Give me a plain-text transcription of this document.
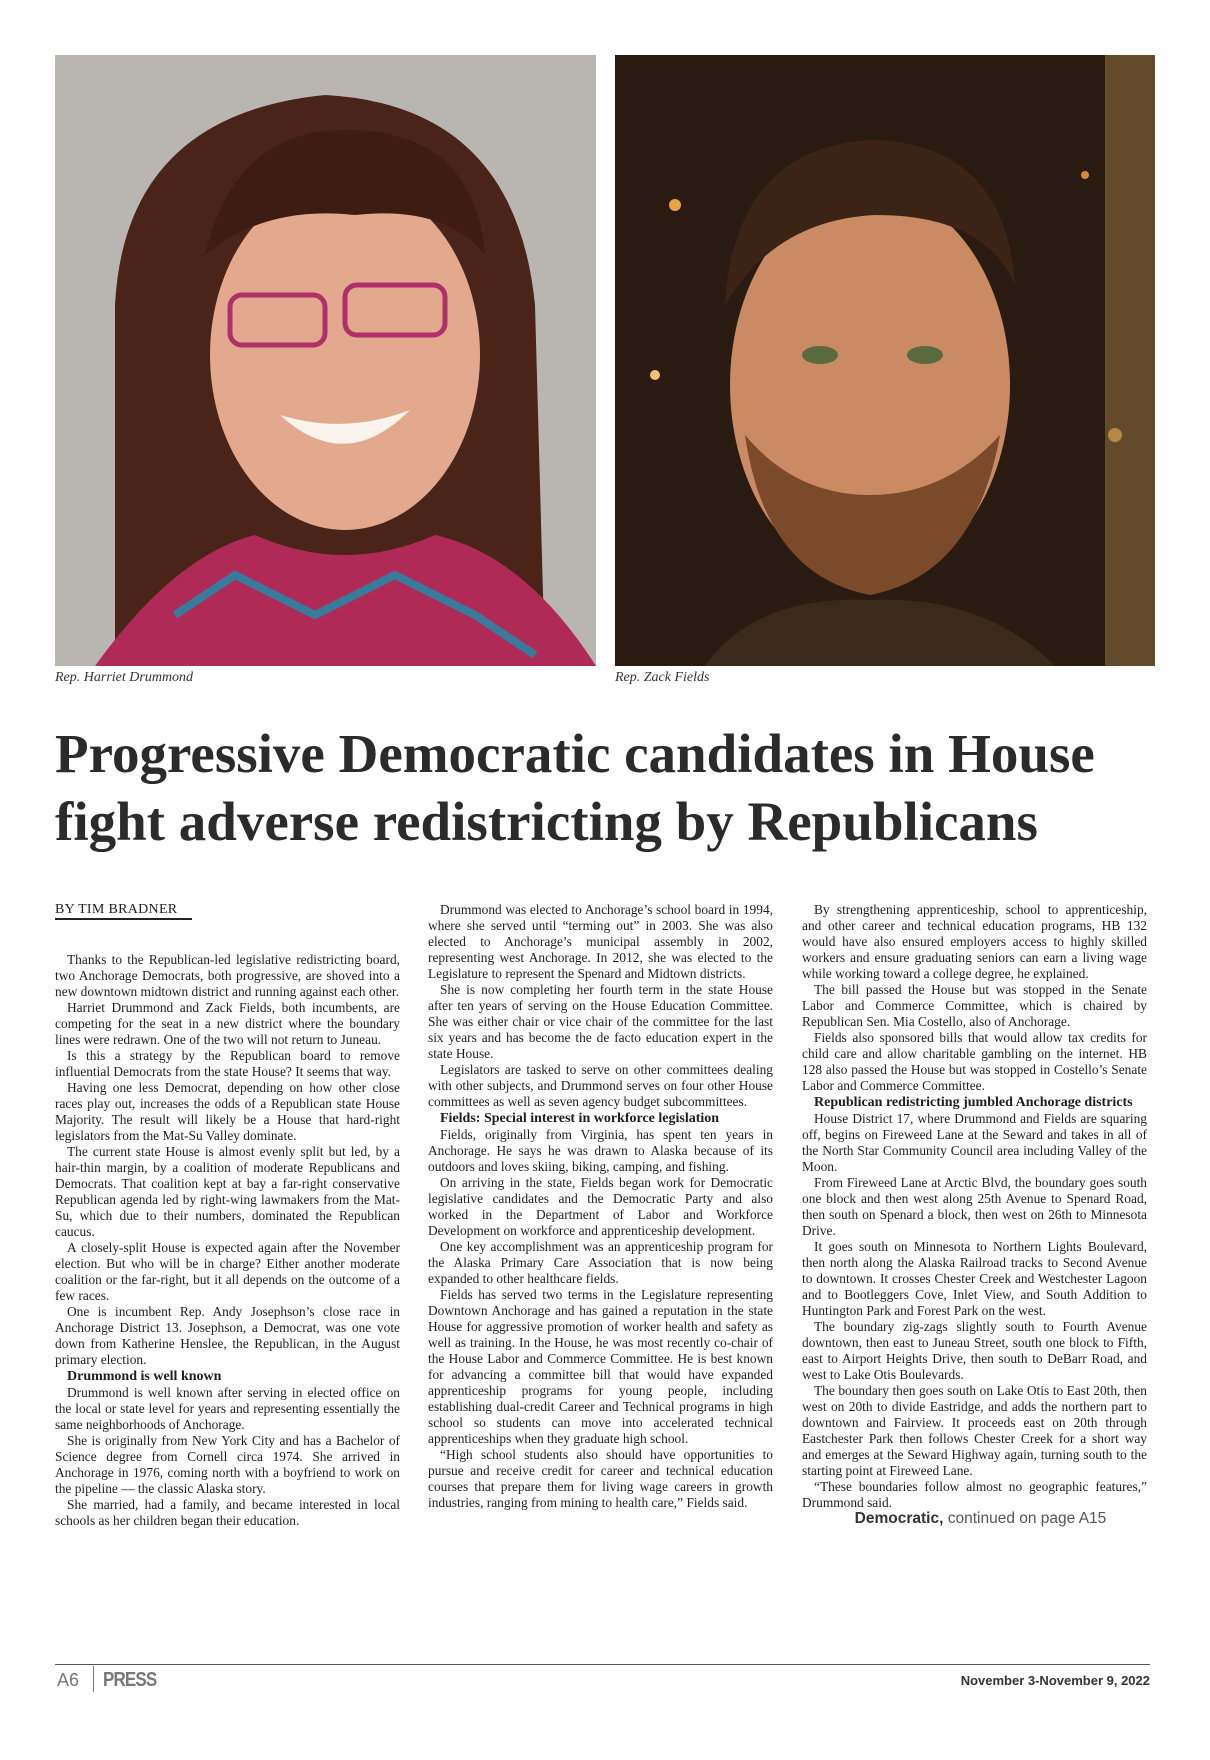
Rep. Harriet Drummond	Rep. Zack Fields
Progressive Democratic candidates in House fight adverse redistricting by Republicans

BY TIM BRADNER

Thanks to the Republican-led legislative redistricting board, two Anchorage Democrats, both progressive, are shoved into a new downtown midtown district and running against each other.

Harriet Drummond and Zack Fields, both incumbents, are competing for the seat in a new district where the boundary lines were redrawn. One of the two will not return to Juneau.

Is this a strategy by the Republican board to remove influential Democrats from the state House? It seems that way.

Having one less Democrat, depending on how other close races play out, increases the odds of a Republican state House Majority. The result will likely be a House that hard-right legislators from the Mat-Su Valley dominate.

The current state House is almost evenly split but led, by a hair-thin margin, by a coalition of moderate Republicans and Democrats. That coalition kept at bay a far-right conservative Republican agenda led by right-wing lawmakers from the Mat-Su, which due to their numbers, dominated the Republican caucus.

A closely-split House is expected again after the November election. But who will be in charge? Either another moderate coalition or the far-right, but it all depends on the outcome of a few races.

One is incumbent Rep. Andy Josephson’s close race in Anchorage District 13. Josephson, a Democrat, was one vote down from Katherine Henslee, the Republican, in the August primary election.

Drummond is well known

Drummond is well known after serving in elected office on the local or state level for years and representing essentially the same neighborhoods of Anchorage.

She is originally from New York City and has a Bachelor of Science degree from Cornell circa 1974. She arrived in Anchorage in 1976, coming north with a boyfriend to work on the pipeline — the classic Alaska story.

She married, had a family, and became interested in local schools as her children began their education.

Drummond was elected to Anchorage’s school board in 1994, where she served until “terming out” in 2003. She was also elected to Anchorage’s municipal assembly in 2002, representing west Anchorage. In 2012, she was elected to the Legislature to represent the Spenard and Midtown districts.

She is now completing her fourth term in the state House after ten years of serving on the House Education Committee. She was either chair or vice chair of the committee for the last six years and has become the de facto education expert in the state House.

Legislators are tasked to serve on other committees dealing with other subjects, and Drummond serves on four other House committees as well as seven agency budget subcommittees.

Fields: Special interest in workforce legislation

Fields, originally from Virginia, has spent ten years in Anchorage. He says he was drawn to Alaska because of its outdoors and loves skiing, biking, camping, and fishing.

On arriving in the state, Fields began work for Democratic legislative candidates and the Democratic Party and also worked in the Department of Labor and Workforce Development on workforce and apprenticeship development.

One key accomplishment was an apprenticeship program for the Alaska Primary Care Association that is now being expanded to other healthcare fields.

Fields has served two terms in the Legislature representing Downtown Anchorage and has gained a reputation in the state House for aggressive promotion of worker health and safety as well as training. In the House, he was most recently co-chair of the House Labor and Commerce Committee. He is best known for advancing a committee bill that would have expanded apprenticeship programs for young people, including establishing dual-credit Career and Technical programs in high school so students can move into accelerated technical apprenticeships when they graduate high school.

“High school students also should have opportunities to pursue and receive credit for career and technical education courses that prepare them for living wage careers in growth industries, ranging from mining to health care,” Fields said.

By strengthening apprenticeship, school to apprenticeship, and other career and technical education programs, HB 132 would have also ensured employers access to highly skilled workers and ensure graduating seniors can earn a living wage while working toward a college degree, he explained.

The bill passed the House but was stopped in the Senate Labor and Commerce Committee, which is chaired by Republican Sen. Mia Costello, also of Anchorage.

Fields also sponsored bills that would allow tax credits for child care and allow charitable gambling on the internet. HB 128 also passed the House but was stopped in Costello’s Senate Labor and Commerce Committee.

Republican redistricting jumbled Anchorage districts

House District 17, where Drummond and Fields are squaring off, begins on Fireweed Lane at the Seward and takes in all of the North Star Community Council area including Valley of the Moon.

From Fireweed Lane at Arctic Blvd, the boundary goes south one block and then west along 25th Avenue to Spenard Road, then south on Spenard a block, then west on 26th to Minnesota Drive.

It goes south on Minnesota to Northern Lights Boulevard, then north along the Alaska Railroad tracks to Second Avenue to downtown. It crosses Chester Creek and Westchester Lagoon and to Bootleggers Cove, Inlet View, and South Addition to Huntington Park and Forest Park on the west.

The boundary zig-zags slightly south to Fourth Avenue downtown, then east to Juneau Street, south one block to Fifth, east to Airport Heights Drive, then south to DeBarr Road, and west to Lake Otis Boulevards.

The boundary then goes south on Lake Otis to East 20th, then west on 20th to divide Eastridge, and adds the northern part to downtown and Fairview. It proceeds east on 20th through Eastchester Park then follows Chester Creek for a short way and emerges at the Seward Highway again, turning south to the starting point at Fireweed Lane.

“These boundaries follow almost no geographic features,” Drummond said.

Democratic, continued on page A15

A6 PRESS	November 3-November 9, 2022
